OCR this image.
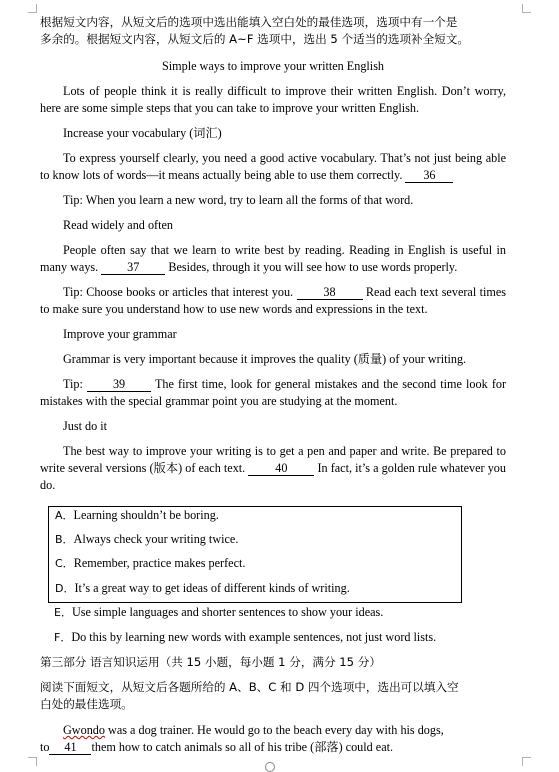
根据短文内容，从短文后的选项中选出能填入空白处的最佳选项，选项中有一个是

多余的。根据短文内容，从短文后的 A~F 选项中，选出 5 个适当的选项补全短文。

Simple ways to improve your written English

Lots of people think it is really difficult to improve their written English. Don’t worry, here are some simple steps that you can take to improve your written English.

Increase your vocabulary (词汇)

To express yourself clearly, you need a good active vocabulary. That’s not just being able to know lots of words—it means actually being able to use them correctly. 36

Tip: When you learn a new word, try to learn all the forms of that word.

Read widely and often

People often say that we learn to write best by reading. Reading in English is useful in many ways. 37 Besides, through it you will see how to use words properly.

Tip: Choose books or articles that interest you. 38 Read each text several times to make sure you understand how to use new words and expressions in the text.

Improve your grammar

Grammar is very important because it improves the quality (质量) of your writing.

Tip: 39 The first time, look for general mistakes and the second time look for mistakes with the special grammar point you are studying at the moment.

Just do it

The best way to improve your writing is to get a pen and paper and write. Be prepared to write several versions (版本) of each text. 40 In fact, it’s a golden rule whatever you do.

A．Learning shouldn’t be boring.
B．Always check your writing twice.
C．Remember, practice makes perfect.
D．It’s a great way to get ideas of different kinds of writing.
E．Use simple languages and shorter sentences to show your ideas.
F．Do this by learning new words with example sentences, not just word lists.

第三部分 语言知识运用（共 15 小题，每小题 1 分，满分 15 分）

阅读下面短文，从短文后各题所给的 A、B、C 和 D 四个选项中，选出可以填入空

白处的最佳选项。

Gwondo was a dog trainer. He would go to the beach every day with his dogs,

to 41 them how to catch animals so all of his tribe (部落) could eat.
